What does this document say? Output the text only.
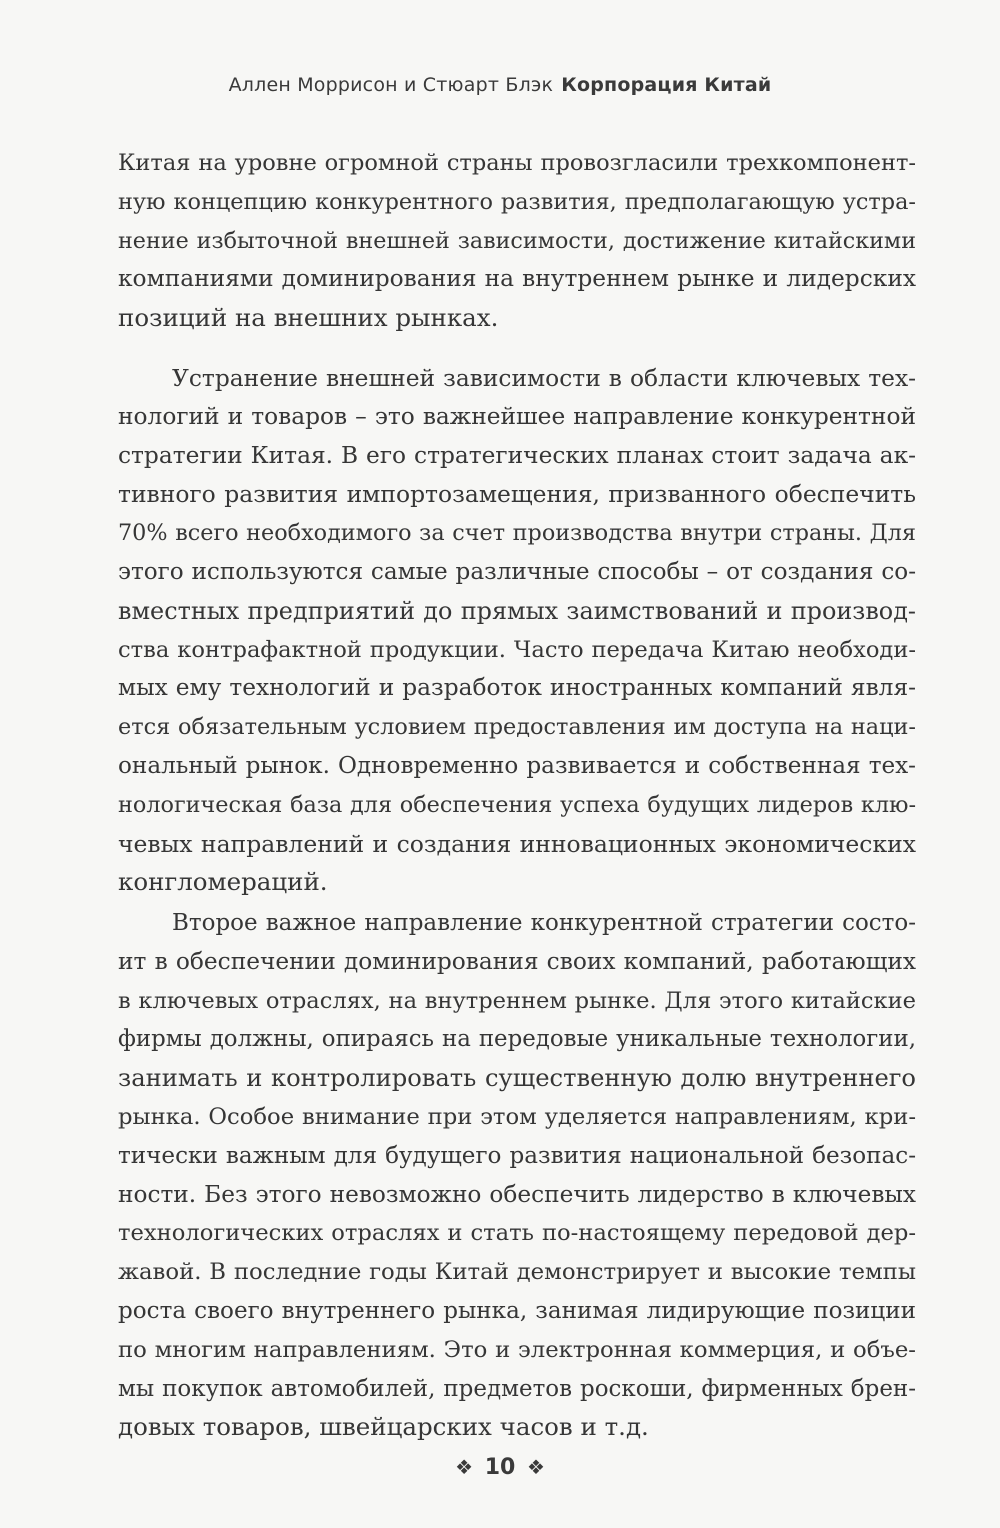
Аллен Моррисон и Стюарт Блэк Корпорация Китай
Китая на уровне огромной страны провозгласили трехкомпонент-
ную концепцию конкурентного развития, предполагающую устра-
нение избыточной внешней зависимости, достижение китайскими
компаниями доминирования на внутреннем рынке и лидерских
позиций на внешних рынках.
Устранение внешней зависимости в области ключевых тех-
нологий и товаров – это важнейшее направление конкурентной
стратегии Китая. В его стратегических планах стоит задача ак-
тивного развития импортозамещения, призванного обеспечить
70% всего необходимого за счет производства внутри страны. Для
этого используются самые различные способы – от создания со-
вместных предприятий до прямых заимствований и производ-
ства контрафактной продукции. Часто передача Китаю необходи-
мых ему технологий и разработок иностранных компаний явля-
ется обязательным условием предоставления им доступа на наци-
ональный рынок. Одновременно развивается и собственная тех-
нологическая база для обеспечения успеха будущих лидеров клю-
чевых направлений и создания инновационных экономических
конгломераций.
Второе важное направление конкурентной стратегии состо-
ит в обеспечении доминирования своих компаний, работающих
в ключевых отраслях, на внутреннем рынке. Для этого китайские
фирмы должны, опираясь на передовые уникальные технологии,
занимать и контролировать существенную долю внутреннего
рынка. Особое внимание при этом уделяется направлениям, кри-
тически важным для будущего развития национальной безопас-
ности. Без этого невозможно обеспечить лидерство в ключевых
технологических отраслях и стать по-настоящему передовой дер-
жавой. В последние годы Китай демонстрирует и высокие темпы
роста своего внутреннего рынка, занимая лидирующие позиции
по многим направлениям. Это и электронная коммерция, и объе-
мы покупок автомобилей, предметов роскоши, фирменных брен-
довых товаров, швейцарских часов и т.д.
❖ 10 ❖
